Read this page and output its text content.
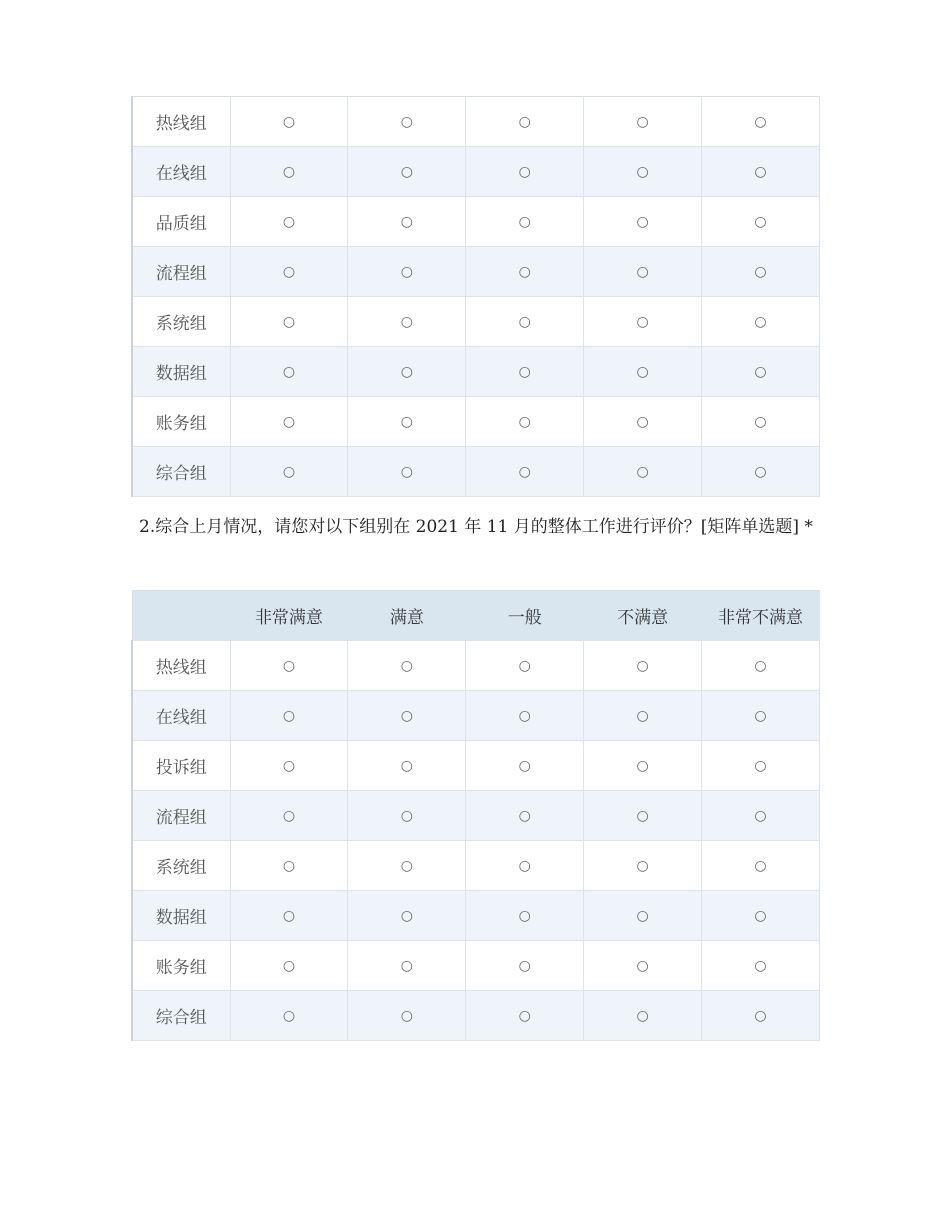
热线组	○	○	○	○	○
在线组	○	○	○	○	○
品质组	○	○	○	○	○
流程组	○	○	○	○	○
系统组	○	○	○	○	○
数据组	○	○	○	○	○
账务组	○	○	○	○	○
综合组	○	○	○	○	○
2.综合上月情况，请您对以下组别在 2021 年 11 月的整体工作进行评价？[矩阵单选题] *
	非常满意	满意	一般	不满意	非常不满意
热线组	○	○	○	○	○
在线组	○	○	○	○	○
投诉组	○	○	○	○	○
流程组	○	○	○	○	○
系统组	○	○	○	○	○
数据组	○	○	○	○	○
账务组	○	○	○	○	○
综合组	○	○	○	○	○
